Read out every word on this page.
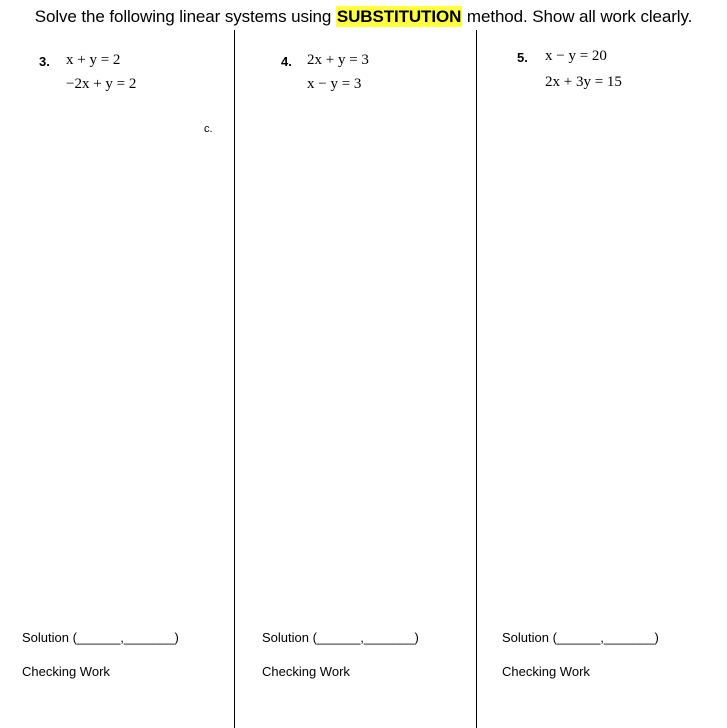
Solve the following linear systems using SUBSTITUTION method. Show all work clearly.
3. x + y = 2
−2x + y = 2
c.
4. 2x + y = 3
x − y = 3
5. x − y = 20
2x + 3y = 15
Solution (______,_______)	Solution (______,_______)	Solution (______,_______)
Checking Work	Checking Work	Checking Work
